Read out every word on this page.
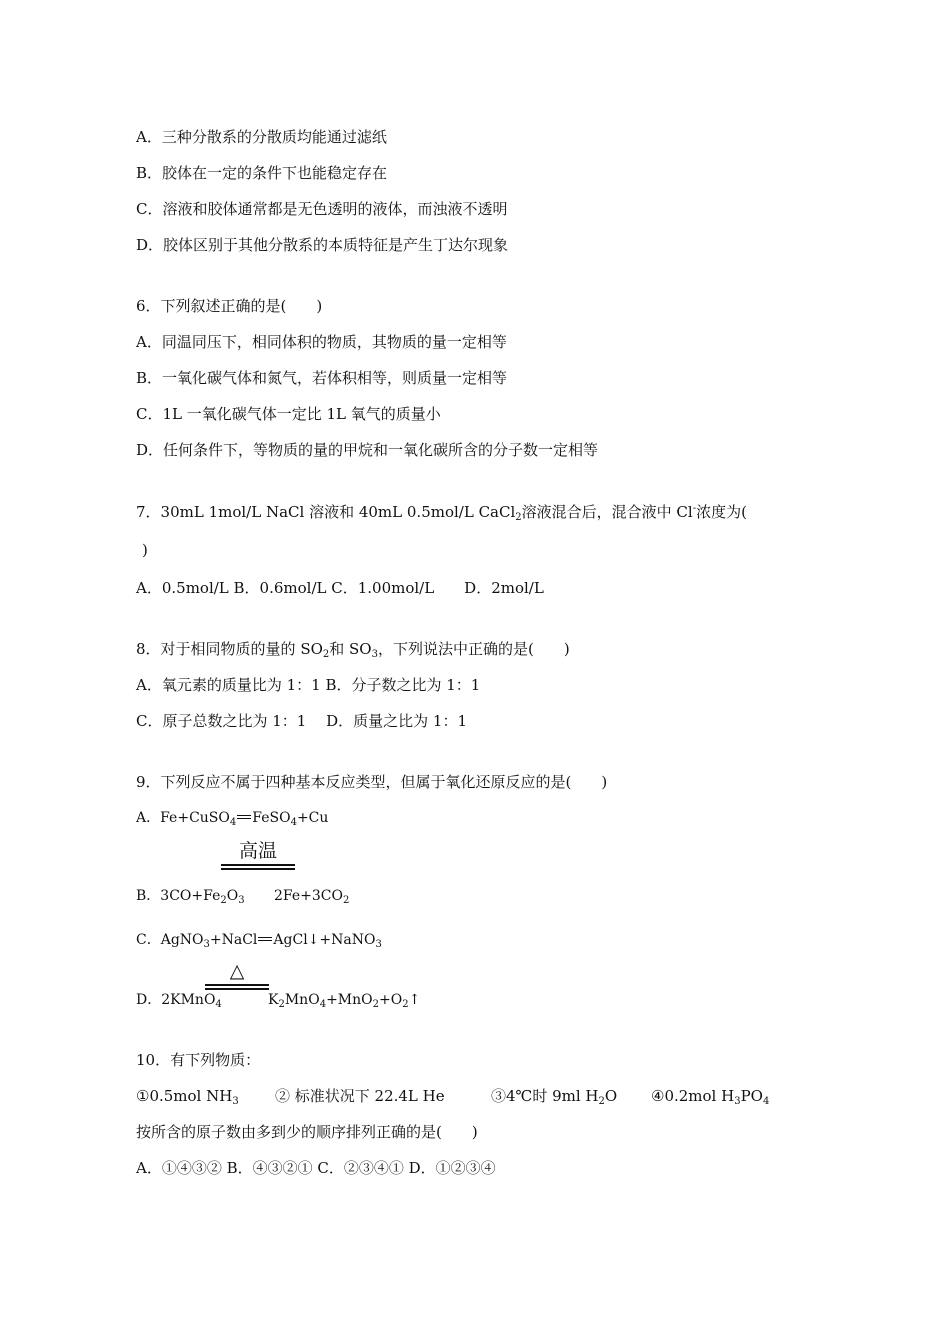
A．三种分散系的分散质均能通过滤纸
B．胶体在一定的条件下也能稳定存在
C．溶液和胶体通常都是无色透明的液体，而浊液不透明
D．胶体区别于其他分散系的本质特征是产生丁达尔现象
6．下列叙述正确的是(　　)
A．同温同压下，相同体积的物质，其物质的量一定相等
B．一氧化碳气体和氮气，若体积相等，则质量一定相等
C．1L 一氧化碳气体一定比 1L 氧气的质量小
D．任何条件下，等物质的量的甲烷和一氧化碳所含的分子数一定相等
7．30mL 1mol/L NaCl 溶液和 40mL 0.5mol/L CaCl$_2$溶液混合后，混合液中 Cl-浓度为(
)
A．0.5mol/L B．0.6mol/L C．1.00mol/L　　D．2mol/L
8．对于相同物质的量的 $SO_2$和 $SO_3$，下列说法中正确的是(　　)
A．氧元素的质量比为 1：1 B．分子数之比为 1：1
C．原子总数之比为 1：1　 D．质量之比为 1：1
9．下列反应不属于四种基本反应类型，但属于氧化还原反应的是(　　)
A．Fe+CuSO$_4$ FeSO$_4$+Cu
高温
B．$3CO+Fe_2O_3$ $2Fe+3CO_2$
C．AgNO$_3$+NaCl AgCl↓+NaNO$_3$
△
D．2KMnO$_4$	$K_2MnO_4+MnO_2+O_2↑$
10．有下列物质：
①0.5mol $NH_3$ ② 标准状况下 22.4L He	③4℃时 9ml $H_2O$ ④0.2mol $H_3PO_4$
按所含的原子数由多到少的顺序排列正确的是(　　)
A．①④③② B．④③②① C．②③④① D．①②③④
